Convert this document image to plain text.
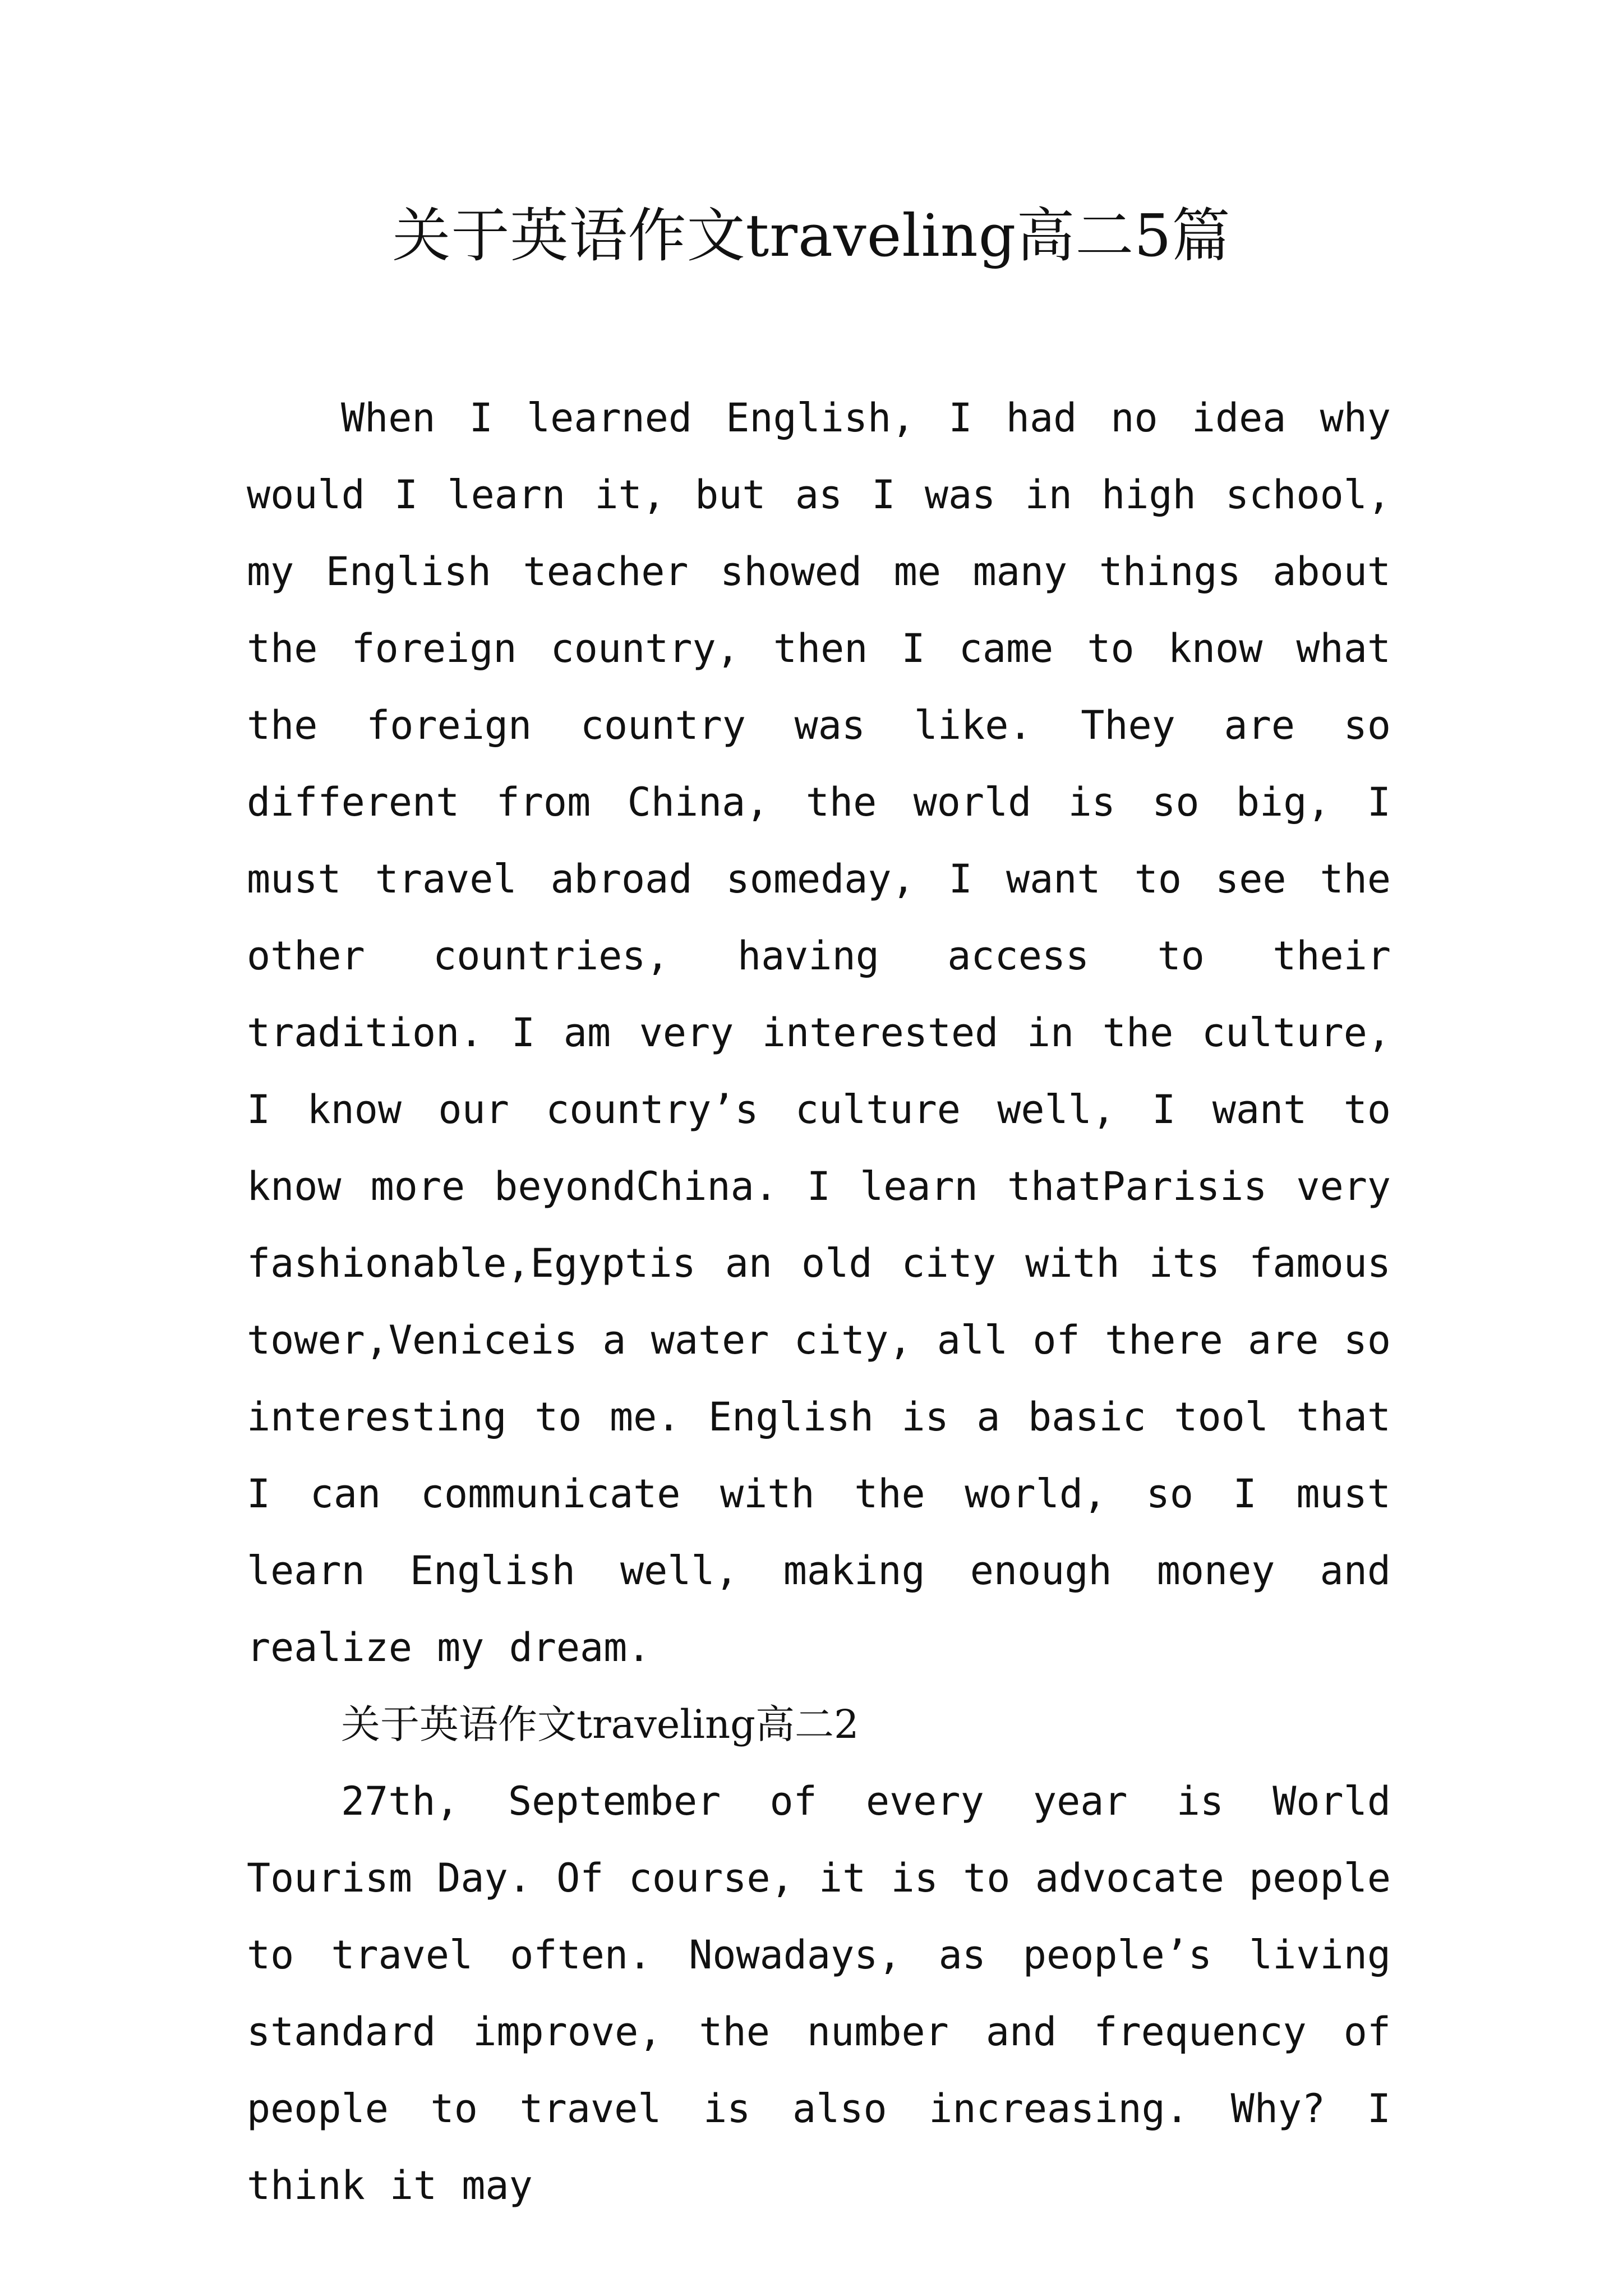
关于英语作文traveling高二5篇

When I learned English, I had no idea why would I learn it, but as I was in high school, my English teacher showed me many things about the foreign country, then I came to know what the foreign country was like. They are so different from China, the world is so big, I must travel abroad someday, I want to see the other countries, having access to their tradition. I am very interested in the culture, I know our country’s culture well, I want to know more beyondChina. I learn thatParisis very fashionable,Egyptis an old city with its famous tower,Veniceis a water city, all of there are so interesting to me. English is a basic tool that I can communicate with the world, so I must learn English well, making enough money and realize my dream.

关于英语作文traveling高二2

27th, September of every year is World Tourism Day. Of course, it is to advocate people to travel often. Nowadays, as people’s living standard improve, the number and frequency of people to travel is also increasing. Why? I think it may
